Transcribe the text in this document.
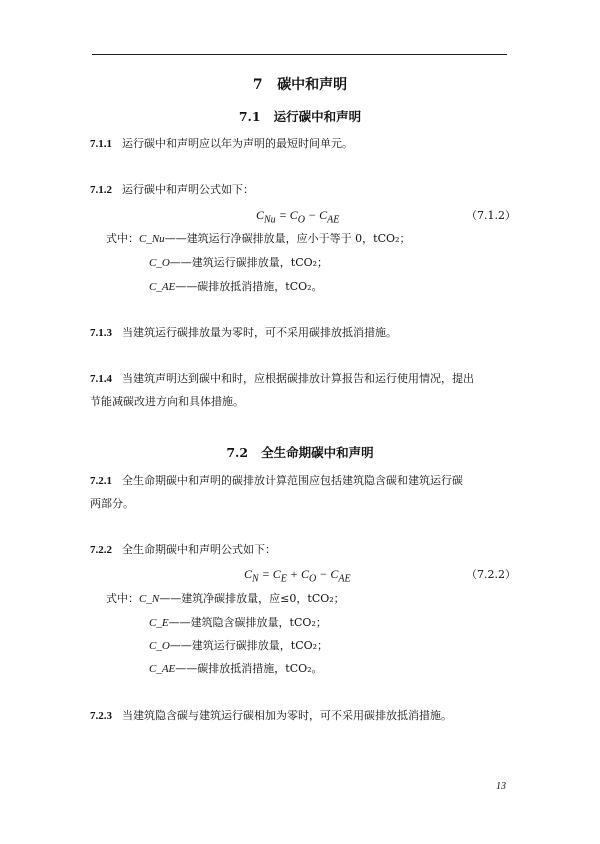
7 碳中和声明
7.1 运行碳中和声明
7.1.1 运行碳中和声明应以年为声明的最短时间单元。
7.1.2 运行碳中和声明公式如下：
$C_{Nu} = C_O - C_{AE}$	（7.1.2）
式中：C_Nu——建筑运行净碳排放量，应小于等于 0，tCO₂；
C_O——建筑运行碳排放量，tCO₂；
C_AE——碳排放抵消措施，tCO₂。
7.1.3 当建筑运行碳排放量为零时，可不采用碳排放抵消措施。
7.1.4 当建筑声明达到碳中和时，应根据碳排放计算报告和运行使用情况，提出
节能减碳改进方向和具体措施。
7.2 全生命期碳中和声明
7.2.1 全生命期碳中和声明的碳排放计算范围应包括建筑隐含碳和建筑运行碳
两部分。
7.2.2 全生命期碳中和声明公式如下：
$C_N = C_E + C_O - C_{AE}$	（7.2.2）
式中：C_N——建筑净碳排放量，应≤0，tCO₂；
C_E——建筑隐含碳排放量，tCO₂；
C_O——建筑运行碳排放量，tCO₂；
C_AE——碳排放抵消措施，tCO₂。
7.2.3 当建筑隐含碳与建筑运行碳相加为零时，可不采用碳排放抵消措施。
13
